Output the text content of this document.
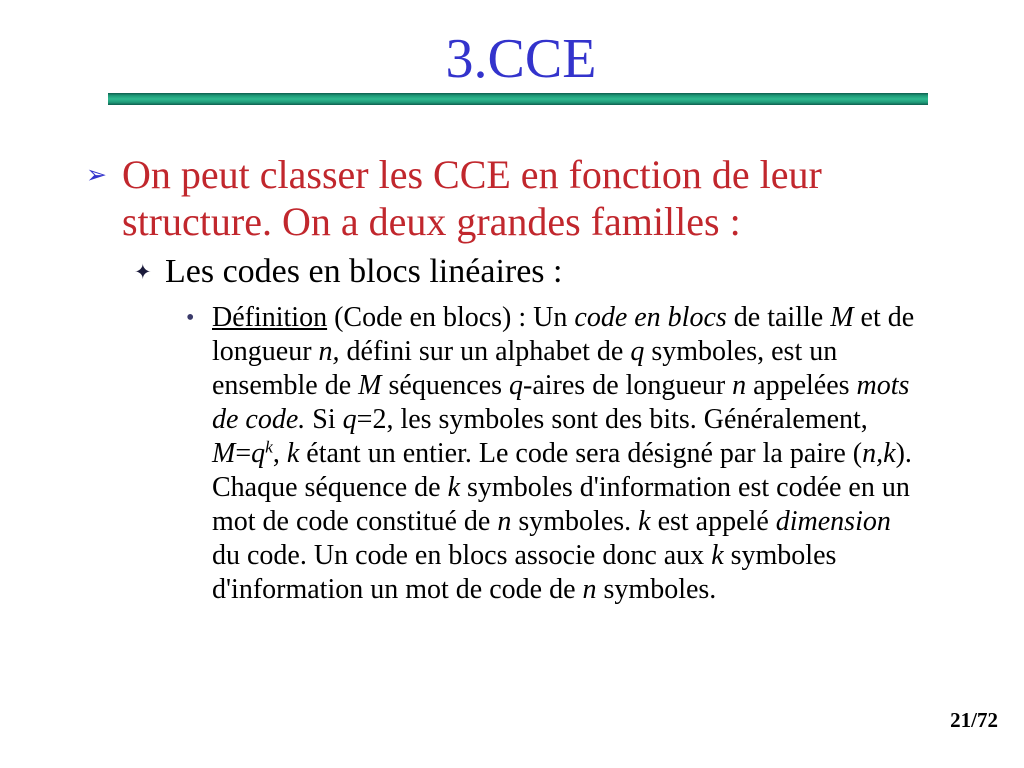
3.CCE
➢ On peut classer les CCE en fonction de leur
structure. On a deux grandes familles :
✦ Les codes en blocs linéaires :
• Définition (Code en blocs) : Un code en blocs de taille M et de
longueur n, défini sur un alphabet de q symboles, est un
ensemble de M séquences q-aires de longueur n appelées mots
de code. Si q=2, les symboles sont des bits. Généralement,
$M=q^k$, k étant un entier. Le code sera désigné par la paire (n,k).
Chaque séquence de k symboles d'information est codée en un
mot de code constitué de n symboles. k est appelé dimension
du code. Un code en blocs associe donc aux k symboles
d'information un mot de code de n symboles.
21/72
